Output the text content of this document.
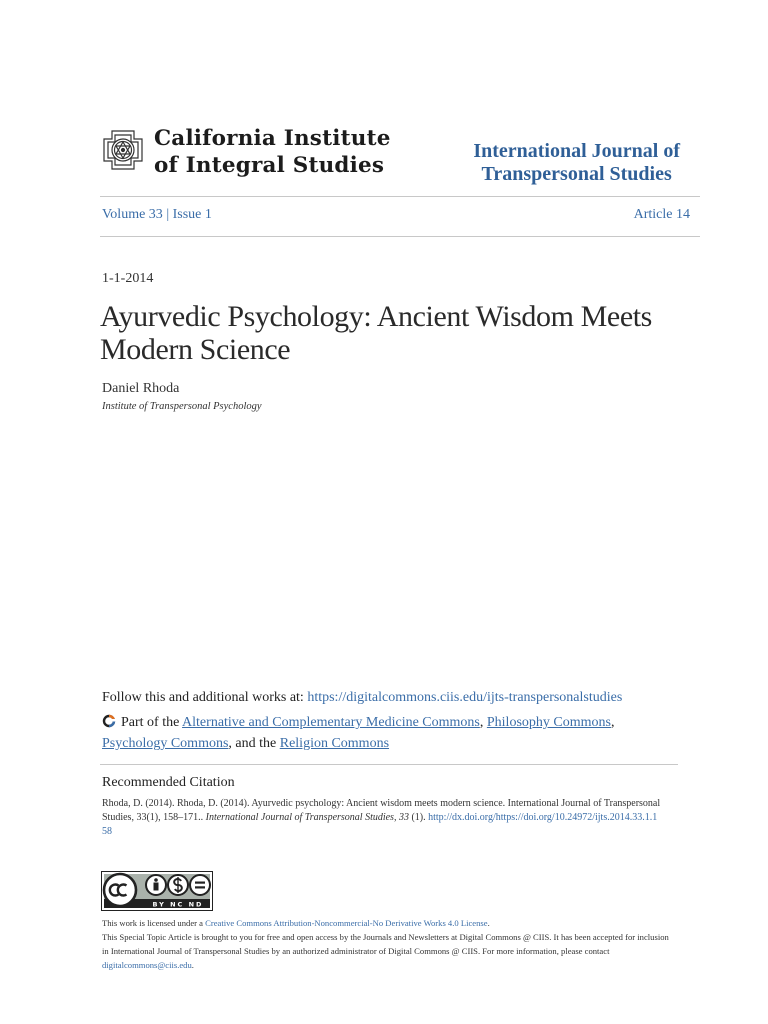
California Institute
of Integral Studies
International Journal of
Transpersonal Studies
Volume 33 | Issue 1	Article 14
1-1-2014
Ayurvedic Psychology: Ancient Wisdom Meets Modern Science
Daniel Rhoda
Institute of Transpersonal Psychology
Follow this and additional works at: https://digitalcommons.ciis.edu/ijts-transpersonalstudies
Part of the Alternative and Complementary Medicine Commons, Philosophy Commons,
Psychology Commons, and the Religion Commons
Recommended Citation
Rhoda, D. (2014). Rhoda, D. (2014). Ayurvedic psychology: Ancient wisdom meets modern science. International Journal of Transpersonal Studies, 33(1), 158–171.. International Journal of Transpersonal Studies, 33 (1). http://dx.doi.org/https://doi.org/10.24972/ijts.2014.33.1.158
BY NC ND
This work is licensed under a Creative Commons Attribution-Noncommercial-No Derivative Works 4.0 License.
This Special Topic Article is brought to you for free and open access by the Journals and Newsletters at Digital Commons @ CIIS. It has been accepted for inclusion in International Journal of Transpersonal Studies by an authorized administrator of Digital Commons @ CIIS. For more information, please contact digitalcommons@ciis.edu.
